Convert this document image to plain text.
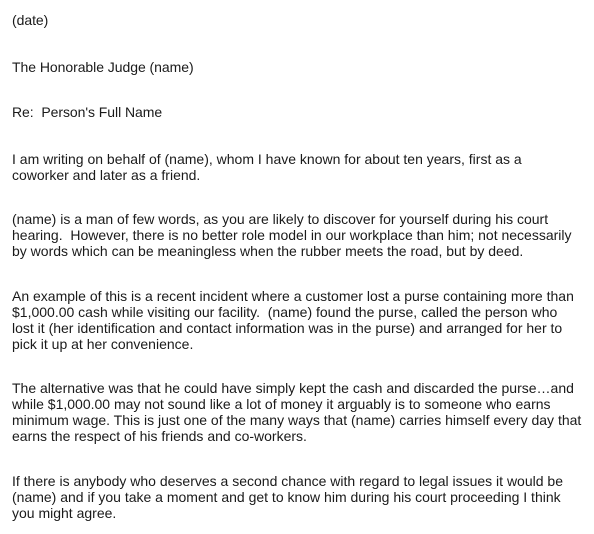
(date)

The Honorable Judge (name)

Re:  Person's Full Name

I am writing on behalf of (name), whom I have known for about ten years, first as a
coworker and later as a friend.
(name) is a man of few words, as you are likely to discover for yourself during his court
hearing.  However, there is no better role model in our workplace than him; not necessarily
by words which can be meaningless when the rubber meets the road, but by deed.
An example of this is a recent incident where a customer lost a purse containing more than
$1,000.00 cash while visiting our facility.  (name) found the purse, called the person who
lost it (her identification and contact information was in the purse) and arranged for her to
pick it up at her convenience.
The alternative was that he could have simply kept the cash and discarded the purse…and
while $1,000.00 may not sound like a lot of money it arguably is to someone who earns
minimum wage. This is just one of the many ways that (name) carries himself every day that
earns the respect of his friends and co-workers.
If there is anybody who deserves a second chance with regard to legal issues it would be
(name) and if you take a moment and get to know him during his court proceeding I think
you might agree.
